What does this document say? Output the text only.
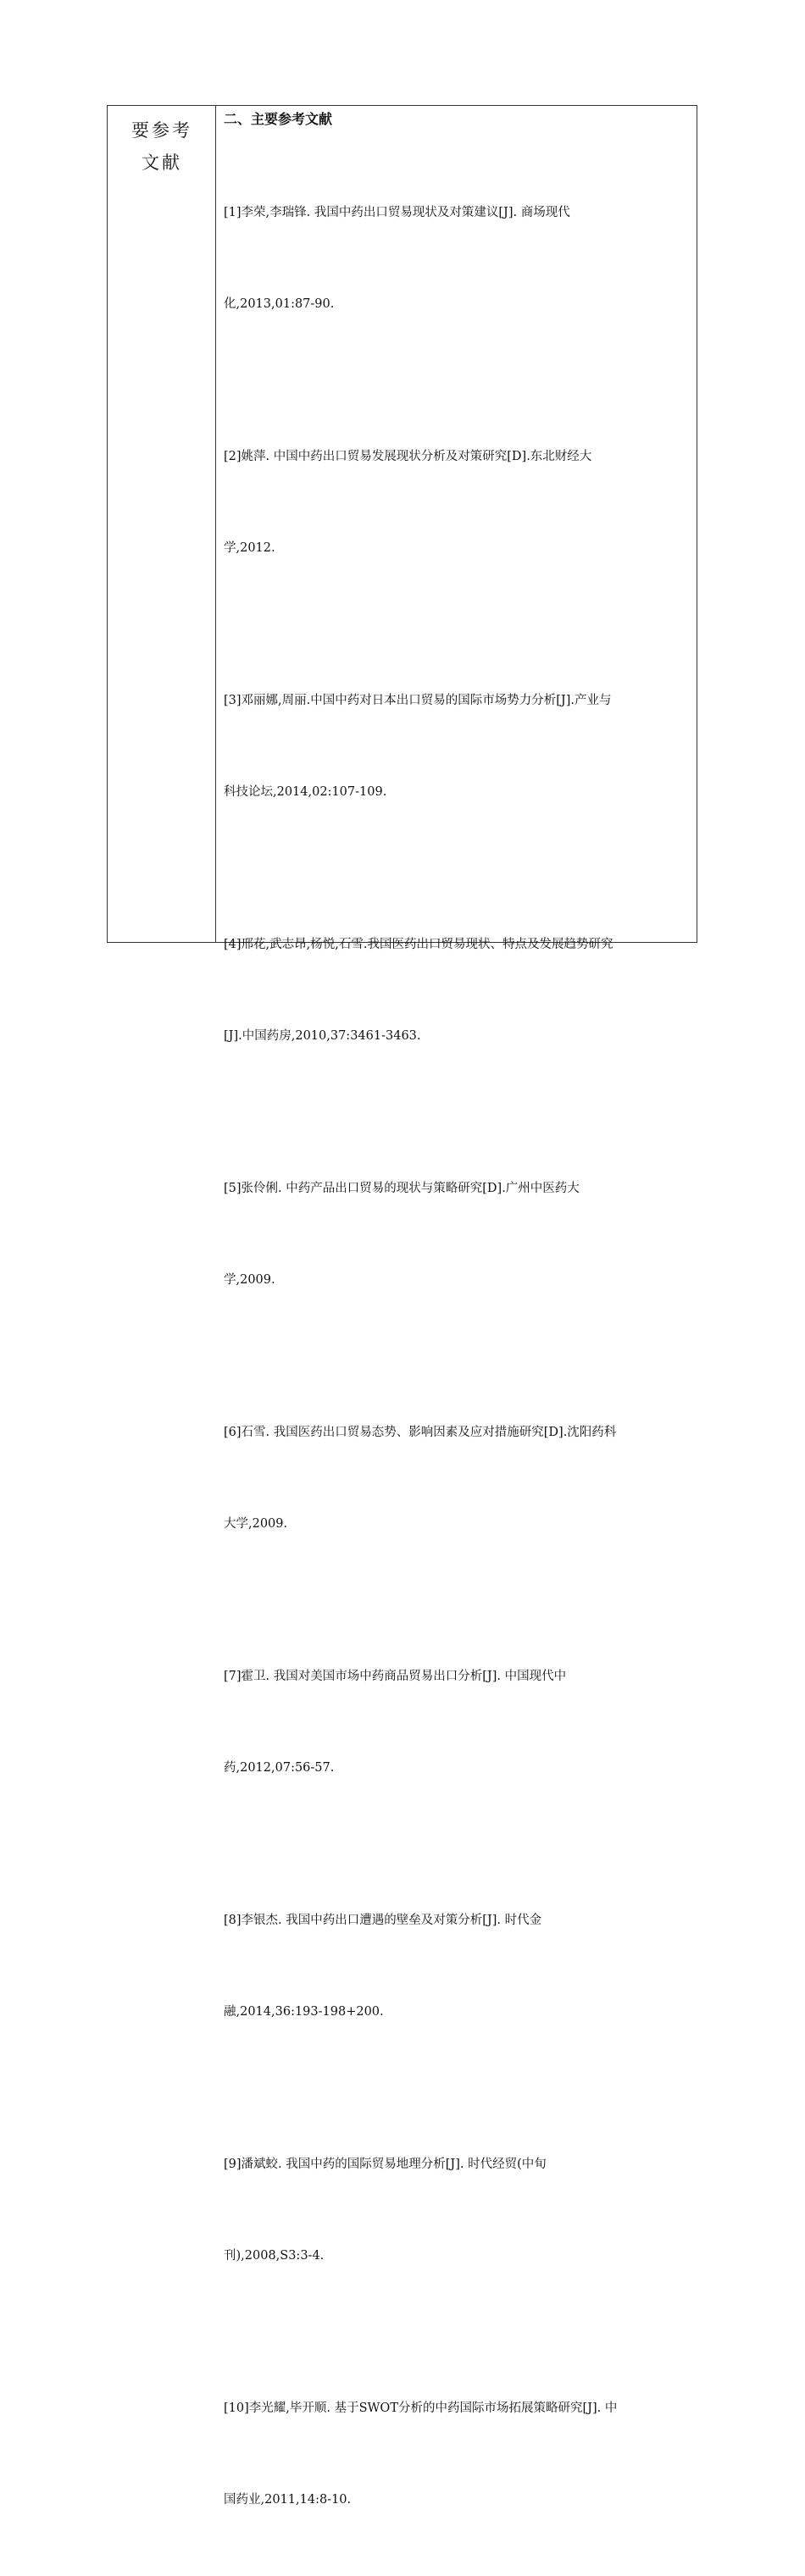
要参考文献
二、主要参考文献

[1]李荣,李瑞锋. 我国中药出口贸易现状及对策建议[J]. 商场现代

化,2013,01:87-90.

[2]姚萍. 中国中药出口贸易发展现状分析及对策研究[D].东北财经大

学,2012.

[3]邓丽娜,周丽.中国中药对日本出口贸易的国际市场势力分析[J].产业与

科技论坛,2014,02:107-109.

[4]邢花,武志昂,杨悦,石雪.我国医药出口贸易现状、特点及发展趋势研究

[J].中国药房,2010,37:3461-3463.

[5]张伶俐. 中药产品出口贸易的现状与策略研究[D].广州中医药大

学,2009.

[6]石雪. 我国医药出口贸易态势、影响因素及应对措施研究[D].沈阳药科

大学,2009.

[7]霍卫. 我国对美国市场中药商品贸易出口分析[J]. 中国现代中

药,2012,07:56-57.

[8]李银杰. 我国中药出口遭遇的壁垒及对策分析[J]. 时代金

融,2014,36:193-198+200.

[9]潘斌蛟. 我国中药的国际贸易地理分析[J]. 时代经贸(中旬

刊),2008,S3:3-4.

[10]李光耀,毕开顺. 基于SWOT分析的中药国际市场拓展策略研究[J]. 中

国药业,2011,14:8-10.
